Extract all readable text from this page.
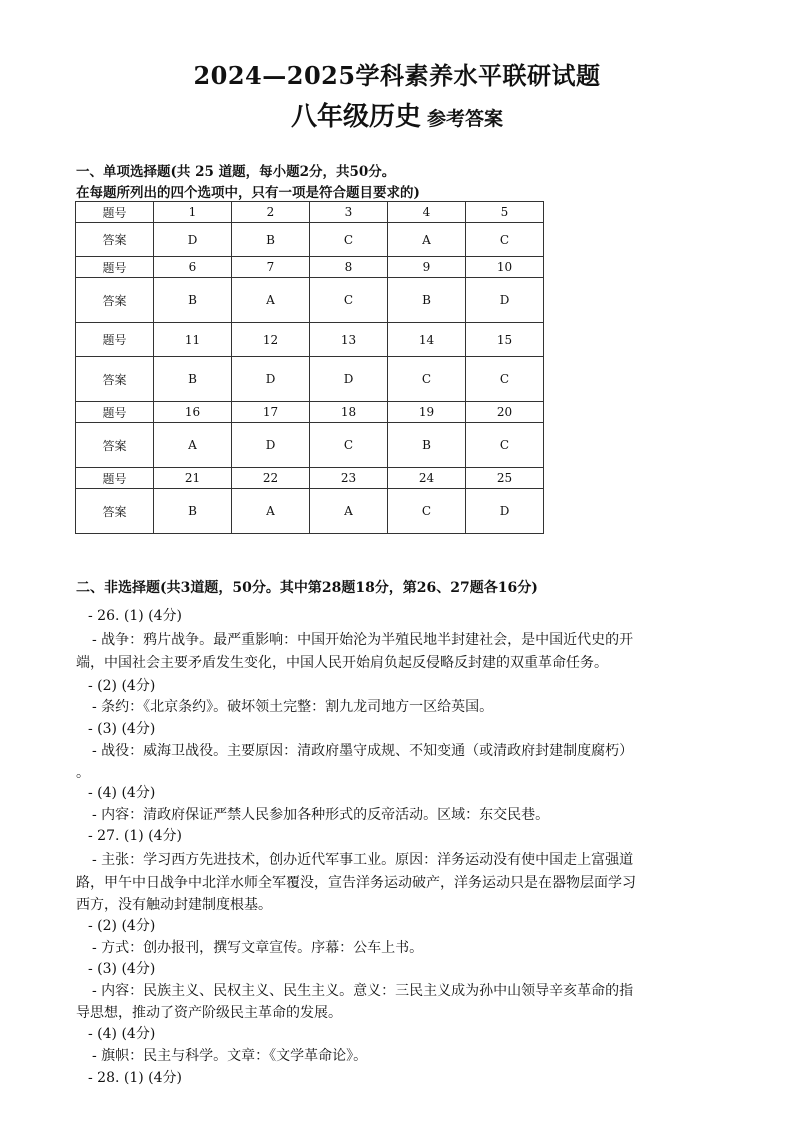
2024—2025学科素养水平联研试题
八年级历史 参考答案
一、单项选择题(共 25 道题，每小题2分，共50分。
在每题所列出的四个选项中，只有一项是符合题目要求的)
题号	1	2	3	4	5
答案	D	B	C	A	C
题号	6	7	8	9	10
答案	B	A	C	B	D
题号	11	12	13	14	15
答案	B	D	D	C	C
题号	16	17	18	19	20
答案	A	D	C	B	C
题号	21	22	23	24	25
答案	B	A	A	C	D
二、非选择题(共3道题，50分。其中第28题18分，第26、27题各16分)
- 26. (1) (4分)
- 战争：鸦片战争。最严重影响：中国开始沦为半殖民地半封建社会，是中国近代史的开
端，中国社会主要矛盾发生变化，中国人民开始肩负起反侵略反封建的双重革命任务。
- (2) (4分)
- 条约：《北京条约》。破坏领土完整：割九龙司地方一区给英国。
- (3) (4分)
- 战役：威海卫战役。主要原因：清政府墨守成规、不知变通（或清政府封建制度腐朽）
。
- (4) (4分)
- 内容：清政府保证严禁人民参加各种形式的反帝活动。区域：东交民巷。
- 27. (1) (4分)
- 主张：学习西方先进技术，创办近代军事工业。原因：洋务运动没有使中国走上富强道
路，甲午中日战争中北洋水师全军覆没，宣告洋务运动破产，洋务运动只是在器物层面学习
西方，没有触动封建制度根基。
- (2) (4分)
- 方式：创办报刊，撰写文章宣传。序幕：公车上书。
- (3) (4分)
- 内容：民族主义、民权主义、民生主义。意义：三民主义成为孙中山领导辛亥革命的指
导思想，推动了资产阶级民主革命的发展。
- (4) (4分)
- 旗帜：民主与科学。文章：《文学革命论》。
- 28. (1) (4分)
